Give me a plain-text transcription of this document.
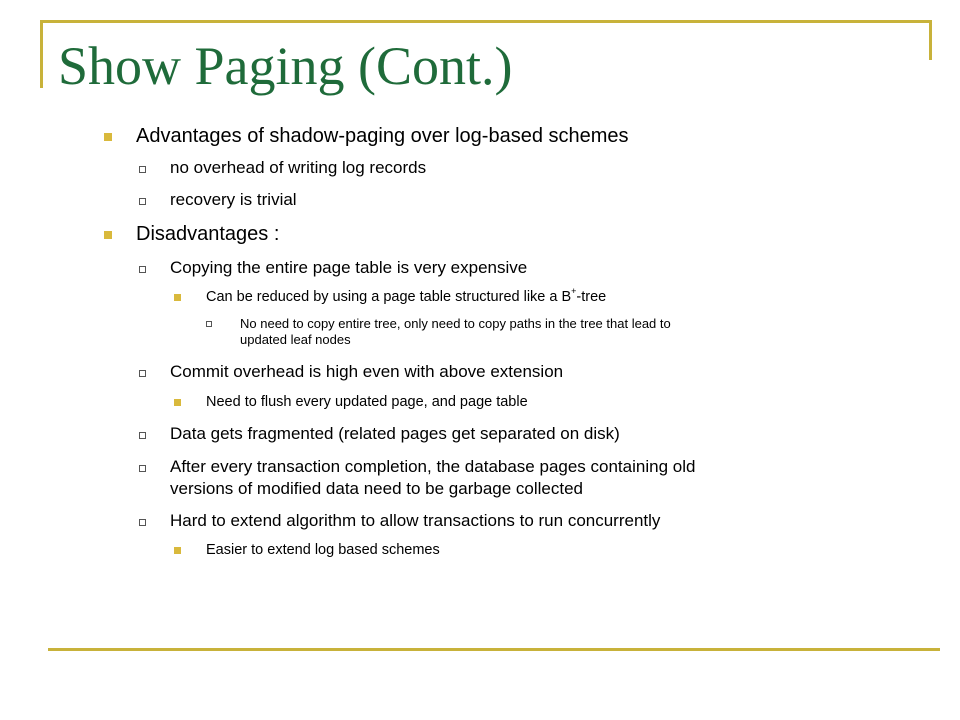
Show Paging (Cont.)
Advantages of shadow-paging over log-based schemes
no overhead of writing log records
recovery is trivial
Disadvantages :
Copying the entire page table is very expensive
Can be reduced by using a page table structured like a B+-tree
No need to copy entire tree, only need to copy paths in the tree that lead to
updated leaf nodes
Commit overhead is high even with above extension
Need to flush every updated page, and page table
Data gets fragmented (related pages get separated on disk)
After every transaction completion, the database pages containing old
versions of modified data need to be garbage collected
Hard to extend algorithm to allow transactions to run concurrently
Easier to extend log based schemes
